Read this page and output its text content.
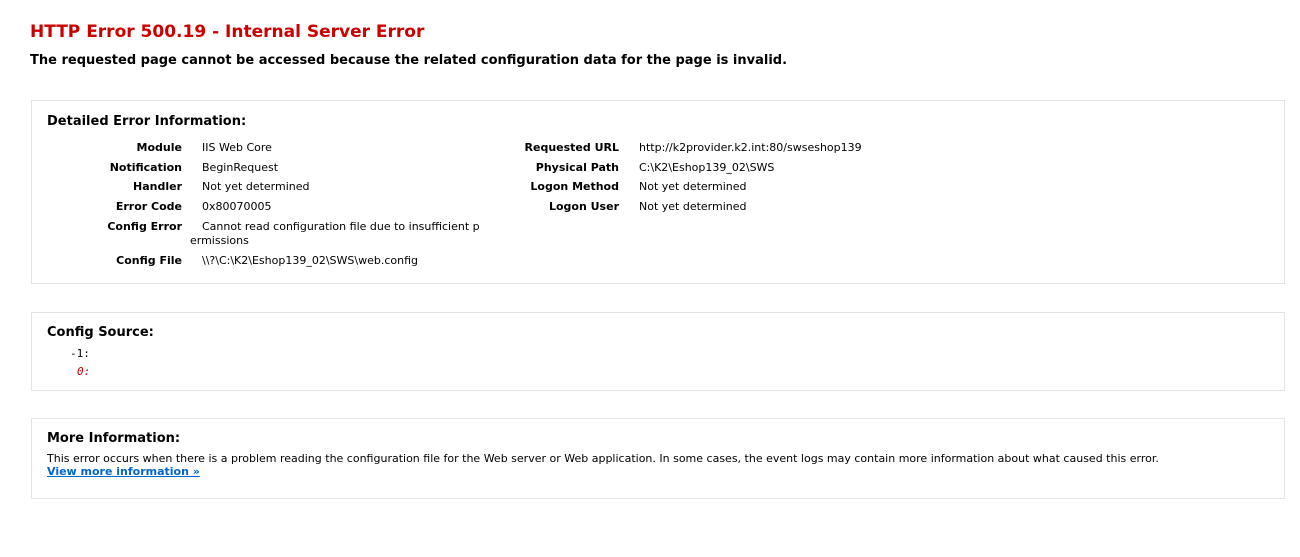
HTTP Error 500.19 - Internal Server Error
The requested page cannot be accessed because the related configuration data for the page is invalid.
Detailed Error Information:
Module	IIS Web Core
Notification	BeginRequest
Handler	Not yet determined
Error Code	0x80070005
Config Error	Cannot read configuration file due to insufficient p
ermissions

Config File	\\?\C:\K2\Eshop139_02\SWS\web.config
Requested URL	http://k2provider.k2.int:80/swseshop139
Physical Path	C:\K2\Eshop139_02\SWS
Logon Method	Not yet determined
Logon User	Not yet determined
Config Source:
-1:
0:
More Information:
This error occurs when there is a problem reading the configuration file for the Web server or Web application. In some cases, the event logs may contain more information about what caused this error.
View more information »
